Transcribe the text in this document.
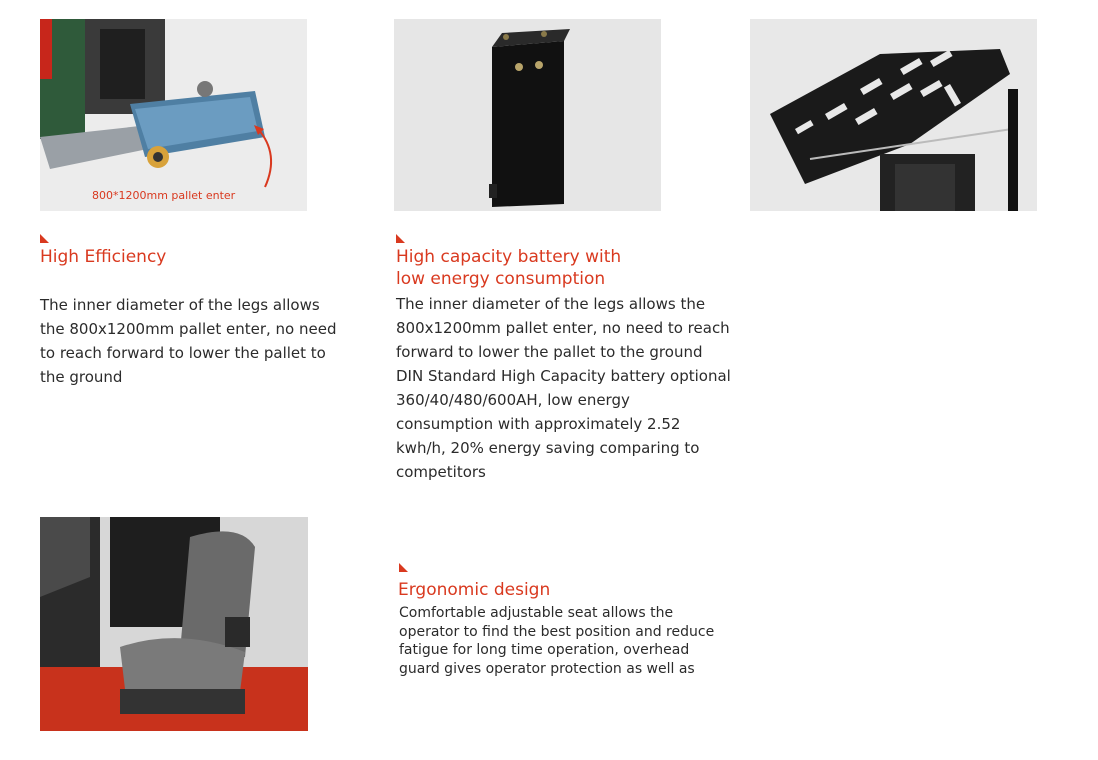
800*1200mm pallet enter
High Efficiency

The inner diameter of the legs allows the 800x1200mm pallet enter, no need to reach forward to lower the pallet to the ground

High capacity battery with low energy consumption

The inner diameter of the legs allows the 800x1200mm pallet enter, no need to reach forward to lower the pallet to the ground DIN Standard High Capacity battery optional 360/40/480/600AH, low energy consumption with approximately 2.52 kwh/h, 20% energy saving comparing to competitors

Ergonomic design

Comfortable adjustable seat allows the operator to find the best position and reduce fatigue for long time operation, overhead guard gives operator protection as well as
